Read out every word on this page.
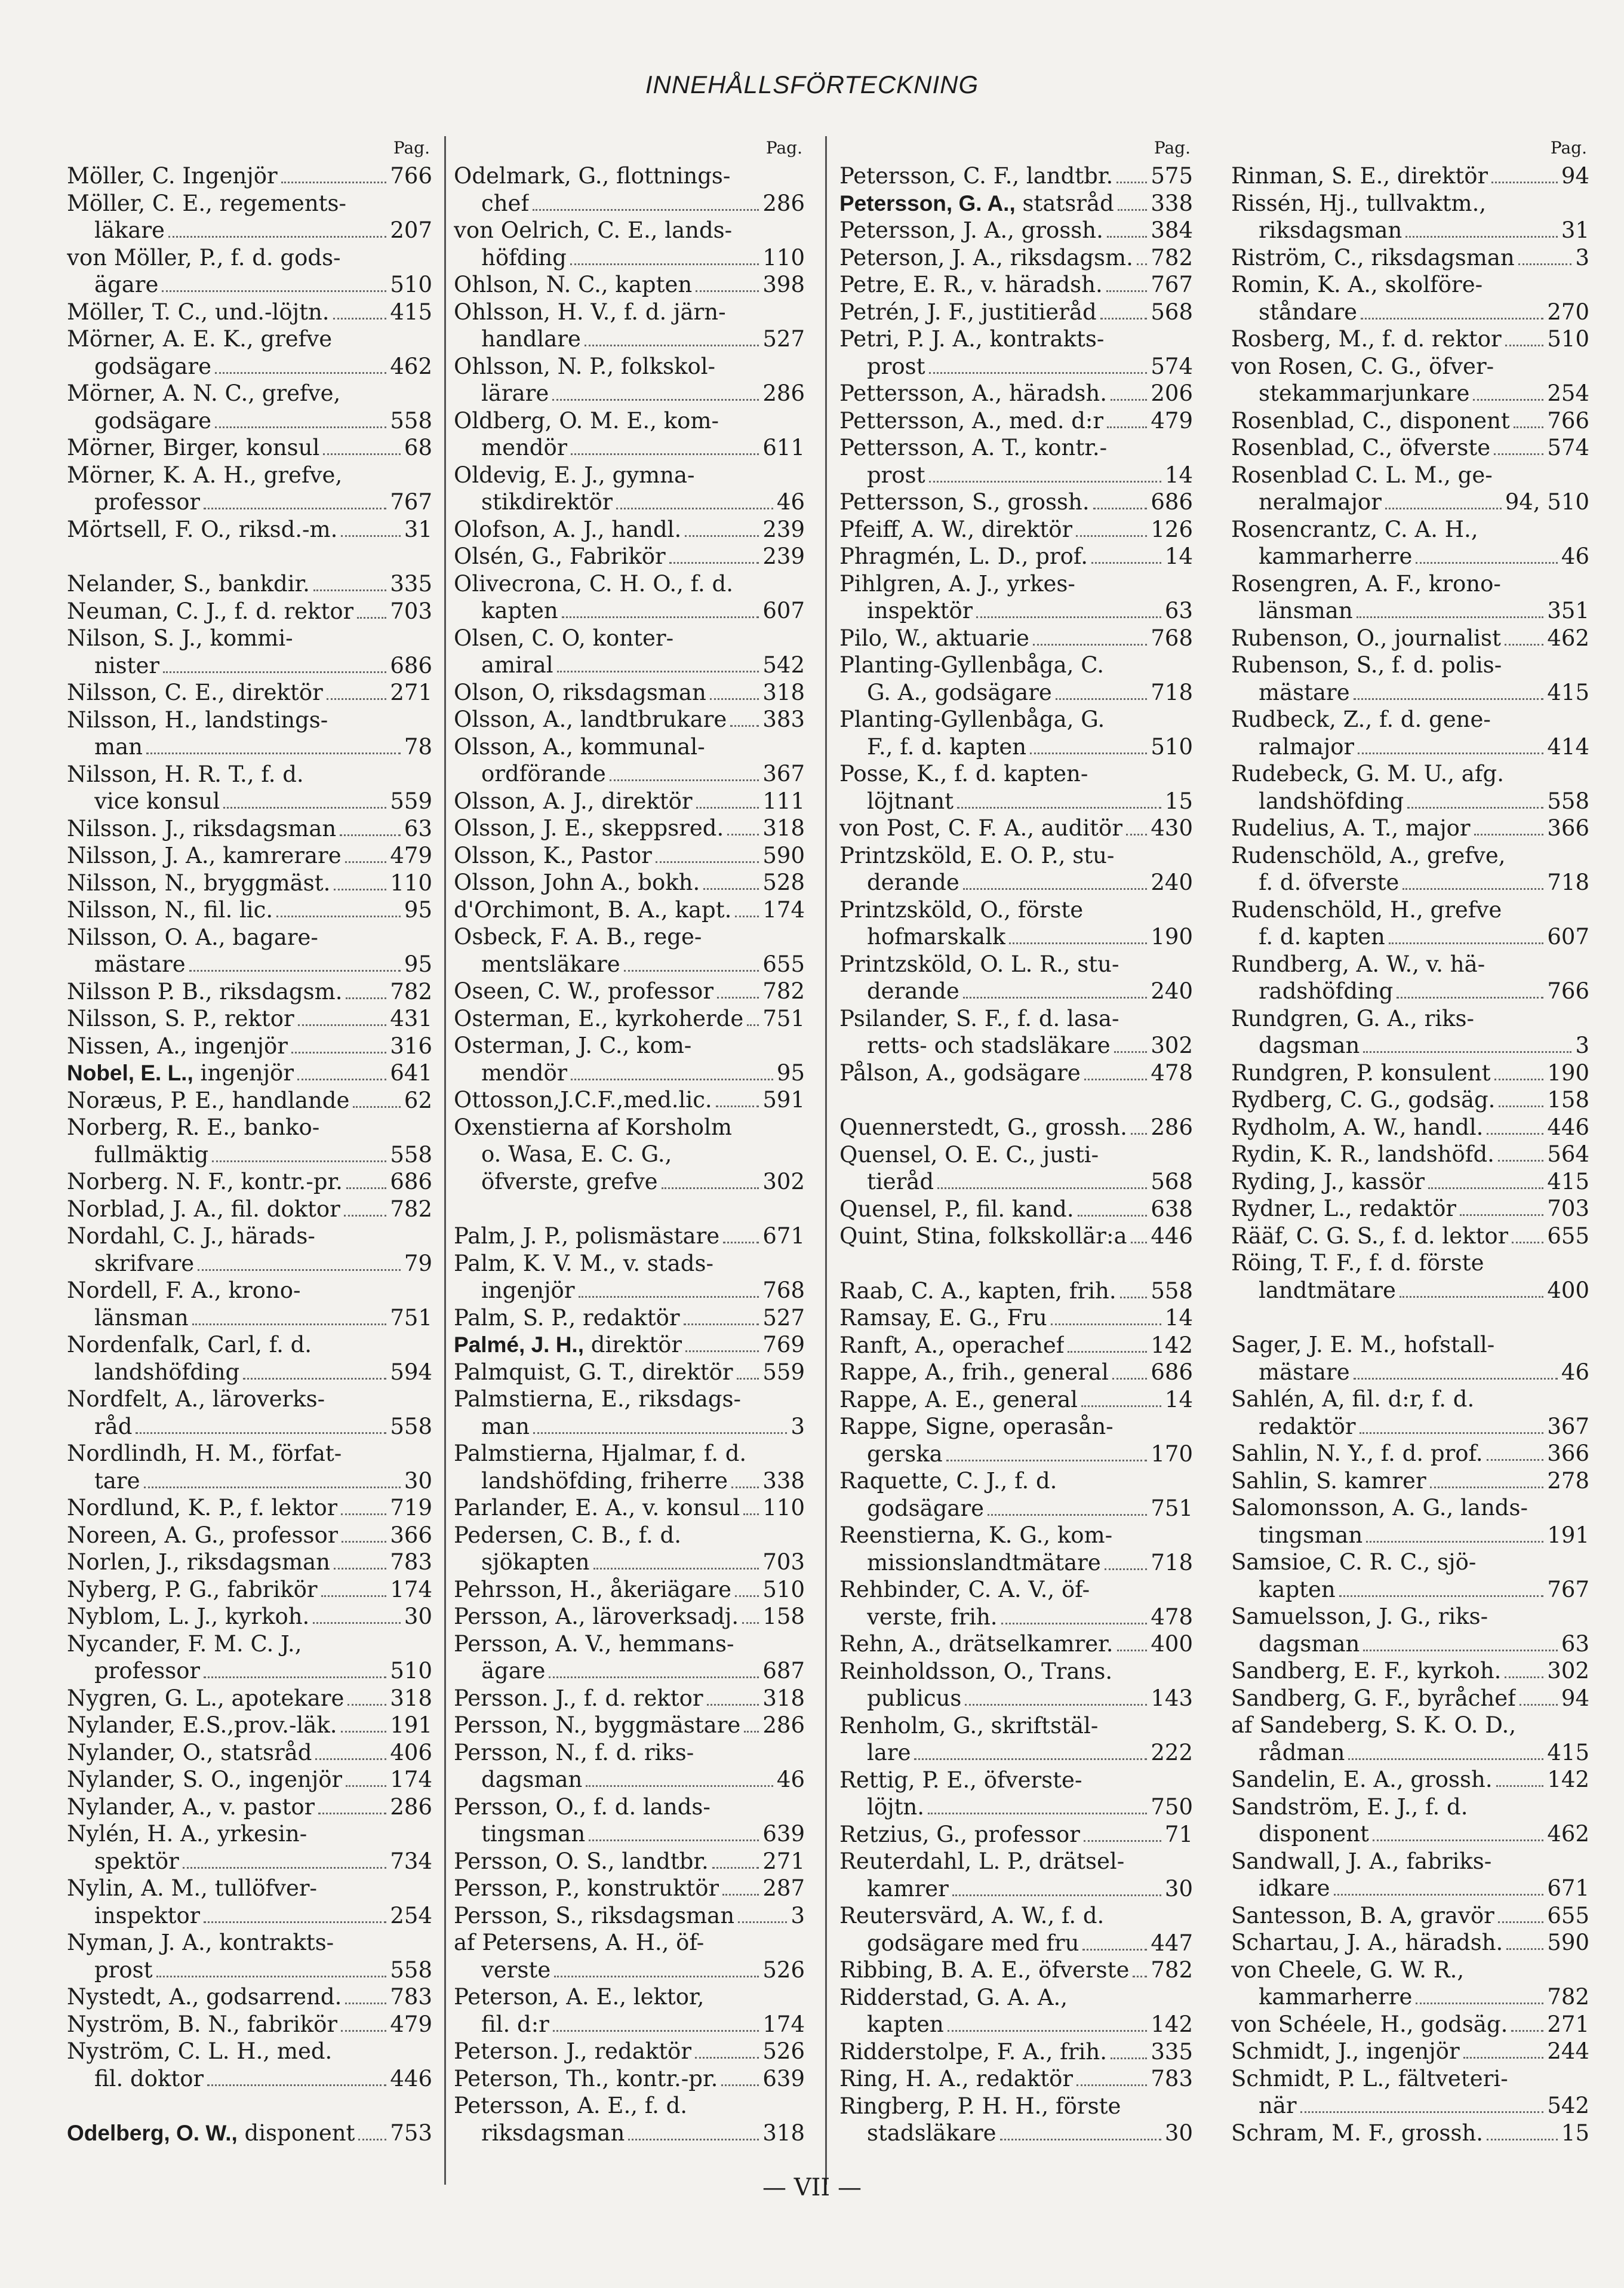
INNEHÅLLSFÖRTECKNING
Pag.
Möller, C. Ingenjör	766
Möller, C. E., regements-
läkare	207
von Möller, P., f. d. gods-
ägare	510
Möller, T. C., und.-löjtn.	415
Mörner, A. E. K., grefve
godsägare	462
Mörner, A. N. C., grefve,
godsägare	558
Mörner, Birger, konsul	68
Mörner, K. A. H., grefve,
professor	767
Mörtsell, F. O., riksd.-m.	31
Nelander, S., bankdir.	335
Neuman, C. J., f. d. rektor 703
Nilson, S. J., kommi-
nister	686
Nilsson, C. E., direktör	271
Nilsson, H., landstings-
man	78
Nilsson, H. R. T., f. d.
vice konsul	559
Nilsson. J., riksdagsman	63
Nilsson, J. A., kamrerare 479
Nilsson, N., bryggmäst.	110
Nilsson, N., fil. lic.	95
Nilsson, O. A., bagare-
mästare	95
Nilsson P. B., riksdagsm. 782
Nilsson, S. P., rektor	431
Nissen, A., ingenjör	316
Nobel, E. L., ingenjör	641
Noræus, P. E., handlande 62
Norberg, R. E., banko-
fullmäktig	558
Norberg. N. F., kontr.-pr. 686
Norblad, J. A., fil. doktor 782
Nordahl, C. J., härads-
skrifvare	79
Nordell, F. A., krono-
länsman	751
Nordenfalk, Carl, f. d.
landshöfding	594
Nordfelt, A., läroverks-
råd	558
Nordlindh, H. M., förfat-
tare	30
Nordlund, K. P., f. lektor 719
Noreen, A. G., professor 366
Norlen, J., riksdagsman	783
Nyberg, P. G., fabrikör	174
Nyblom, L. J., kyrkoh.	30
Nycander, F. M. C. J.,
professor	510
Nygren, G. L., apotekare 318
Nylander, E.S.,prov.-läk. 191
Nylander, O., statsråd	406
Nylander, S. O., ingenjör 174
Nylander, A., v. pastor	286
Nylén, H. A., yrkesin-
spektör	734
Nylin, A. M., tullöfver-
inspektor	254
Nyman, J. A., kontrakts-
prost	558
Nystedt, A., godsarrend. 783
Nyström, B. N., fabrikör 479
Nyström, C. L. H., med.
fil. doktor	446
Odelberg, O. W., disponent 753
Pag.
Odelmark, G., flottnings-
chef	286
von Oelrich, C. E., lands-
höfding	110
Ohlson, N. C., kapten	398
Ohlsson, H. V., f. d. järn-
handlare	527
Ohlsson, N. P., folkskol-
lärare	286
Oldberg, O. M. E., kom-
mendör	611
Oldevig, E. J., gymna-
stikdirektör	46
Olofson, A. J., handl.	239
Olsén, G., Fabrikör	239
Olivecrona, C. H. O., f. d.
kapten	607
Olsen, C. O, konter-
amiral	542
Olson, O, riksdagsman	318
Olsson, A., landtbrukare 383
Olsson, A., kommunal-
ordförande	367
Olsson, A. J., direktör	111
Olsson, J. E., skeppsred. 318
Olsson, K., Pastor	590
Olsson, John A., bokh.	528
d'Orchimont, B. A., kapt. 174
Osbeck, F. A. B., rege-
mentsläkare	655
Oseen, C. W., professor 782
Osterman, E., kyrkoherde 751
Osterman, J. C., kom-
mendör	95
Ottosson,J.C.F.,med.lic. 591
Oxenstierna af Korsholm
o. Wasa, E. C. G.,
öfverste, grefve	302
Palm, J. P., polismästare 671
Palm, K. V. M., v. stads-
ingenjör	768
Palm, S. P., redaktör	527
Palmé, J. H., direktör	769
Palmquist, G. T., direktör 559
Palmstierna, E., riksdags-
man	3
Palmstierna, Hjalmar, f. d.
landshöfding, friherre 338
Parlander, E. A., v. konsul 110
Pedersen, C. B., f. d.
sjökapten	703
Pehrsson, H., åkeriägare 510
Persson, A., läroverksadj. 158
Persson, A. V., hemmans-
ägare	687
Persson. J., f. d. rektor	318
Persson, N., byggmästare 286
Persson, N., f. d. riks-
dagsman	46
Persson, O., f. d. lands-
tingsman	639
Persson, O. S., landtbr. 271
Persson, P., konstruktör 287
Persson, S., riksdagsman	3
af Petersens, A. H., öf-
verste	526
Peterson, A. E., lektor,
fil. d:r	174
Peterson. J., redaktör	526
Peterson, Th., kontr.-pr. 639
Petersson, A. E., f. d.
riksdagsman	318
Pag.
Petersson, C. F., landtbr. 575
Petersson, G. A., statsråd 338
Petersson, J. A., grossh. 384
Peterson, J. A., riksdagsm. 782
Petre, E. R., v. häradsh. 767
Petrén, J. F., justitieråd 568
Petri, P. J. A., kontrakts-
prost	574
Pettersson, A., häradsh. 206
Pettersson, A., med. d:r 479
Pettersson, A. T., kontr.-
prost	14
Pettersson, S., grossh.	686
Pfeiff, A. W., direktör	126
Phragmén, L. D., prof.	14
Pihlgren, A. J., yrkes-
inspektör	63
Pilo, W., aktuarie	768
Planting-Gyllenbåga, C.
G. A., godsägare	718
Planting-Gyllenbåga, G.
F., f. d. kapten	510
Posse, K., f. d. kapten-
löjtnant	15
von Post, C. F. A., auditör 430
Printzsköld, E. O. P., stu-
derande	240
Printzsköld, O., förste
hofmarskalk	190
Printzsköld, O. L. R., stu-
derande	240
Psilander, S. F., f. d. lasa-
retts- och stadsläkare 302
Pålson, A., godsägare	478
Quennerstedt, G., grossh. 286
Quensel, O. E. C., justi-
tieråd	568
Quensel, P., fil. kand.	638
Quint, Stina, folkskollär:a 446
Raab, C. A., kapten, frih. 558
Ramsay, E. G., Fru	14
Ranft, A., operachef	142
Rappe, A., frih., general 686
Rappe, A. E., general	14
Rappe, Signe, operasån-
gerska	170
Raquette, C. J., f. d.
godsägare	751
Reenstierna, K. G., kom-
missionslandtmätare 718
Rehbinder, C. A. V., öf-
verste, frih.	478
Rehn, A., drätselkamrer. 400
Reinholdsson, O., Trans.
publicus	143
Renholm, G., skriftstäl-
lare	222
Rettig, P. E., öfverste-
löjtn.	750
Retzius, G., professor	71
Reuterdahl, L. P., drätsel-
kamrer	30
Reutersvärd, A. W., f. d.
godsägare med fru	447
Ribbing, B. A. E., öfverste 782
Ridderstad, G. A. A.,
kapten	142
Ridderstolpe, F. A., frih. 335
Ring, H. A., redaktör	783
Ringberg, P. H. H., förste
stadsläkare	30
Pag.
Rinman, S. E., direktör	94
Rissén, Hj., tullvaktm.,
riksdagsman	31
Riström, C., riksdagsman	3
Romin, K. A., skolföre-
ståndare	270
Rosberg, M., f. d. rektor 510
von Rosen, C. G., öfver-
stekammarjunkare	254
Rosenblad, C., disponent 766
Rosenblad, C., öfverste	574
Rosenblad C. L. M., ge-
neralmajor	94, 510
Rosencrantz, C. A. H.,
kammarherre	46
Rosengren, A. F., krono-
länsman	351
Rubenson, O., journalist 462
Rubenson, S., f. d. polis-
mästare	415
Rudbeck, Z., f. d. gene-
ralmajor	414
Rudebeck, G. M. U., afg.
landshöfding	558
Rudelius, A. T., major	366
Rudenschöld, A., grefve,
f. d. öfverste	718
Rudenschöld, H., grefve
f. d. kapten	607
Rundberg, A. W., v. hä-
radshöfding	766
Rundgren, G. A., riks-
dagsman	3
Rundgren, P. konsulent	190
Rydberg, C. G., godsäg. 158
Rydholm, A. W., handl.	446
Rydin, K. R., landshöfd. 564
Ryding, J., kassör	415
Rydner, L., redaktör	703
Rääf, C. G. S., f. d. lektor 655
Röing, T. F., f. d. förste
landtmätare	400
Sager, J. E. M., hofstall-
mästare	46
Sahlén, A, fil. d:r, f. d.
redaktör	367
Sahlin, N. Y., f. d. prof.	366
Sahlin, S. kamrer	278
Salomonsson, A. G., lands-
tingsman	191
Samsioe, C. R. C., sjö-
kapten	767
Samuelsson, J. G., riks-
dagsman	63
Sandberg, E. F., kyrkoh. 302
Sandberg, G. F., byråchef 94
af Sandeberg, S. K. O. D.,
rådman	415
Sandelin, E. A., grossh. 142
Sandström, E. J., f. d.
disponent	462
Sandwall, J. A., fabriks-
idkare	671
Santesson, B. A, gravör 655
Schartau, J. A., häradsh. 590
von Cheele, G. W. R.,
kammarherre	782
von Schéele, H., godsäg. 271
Schmidt, J., ingenjör	244
Schmidt, P. L., fältveteri-
när	542
Schram, M. F., grossh.	15
— VII —
